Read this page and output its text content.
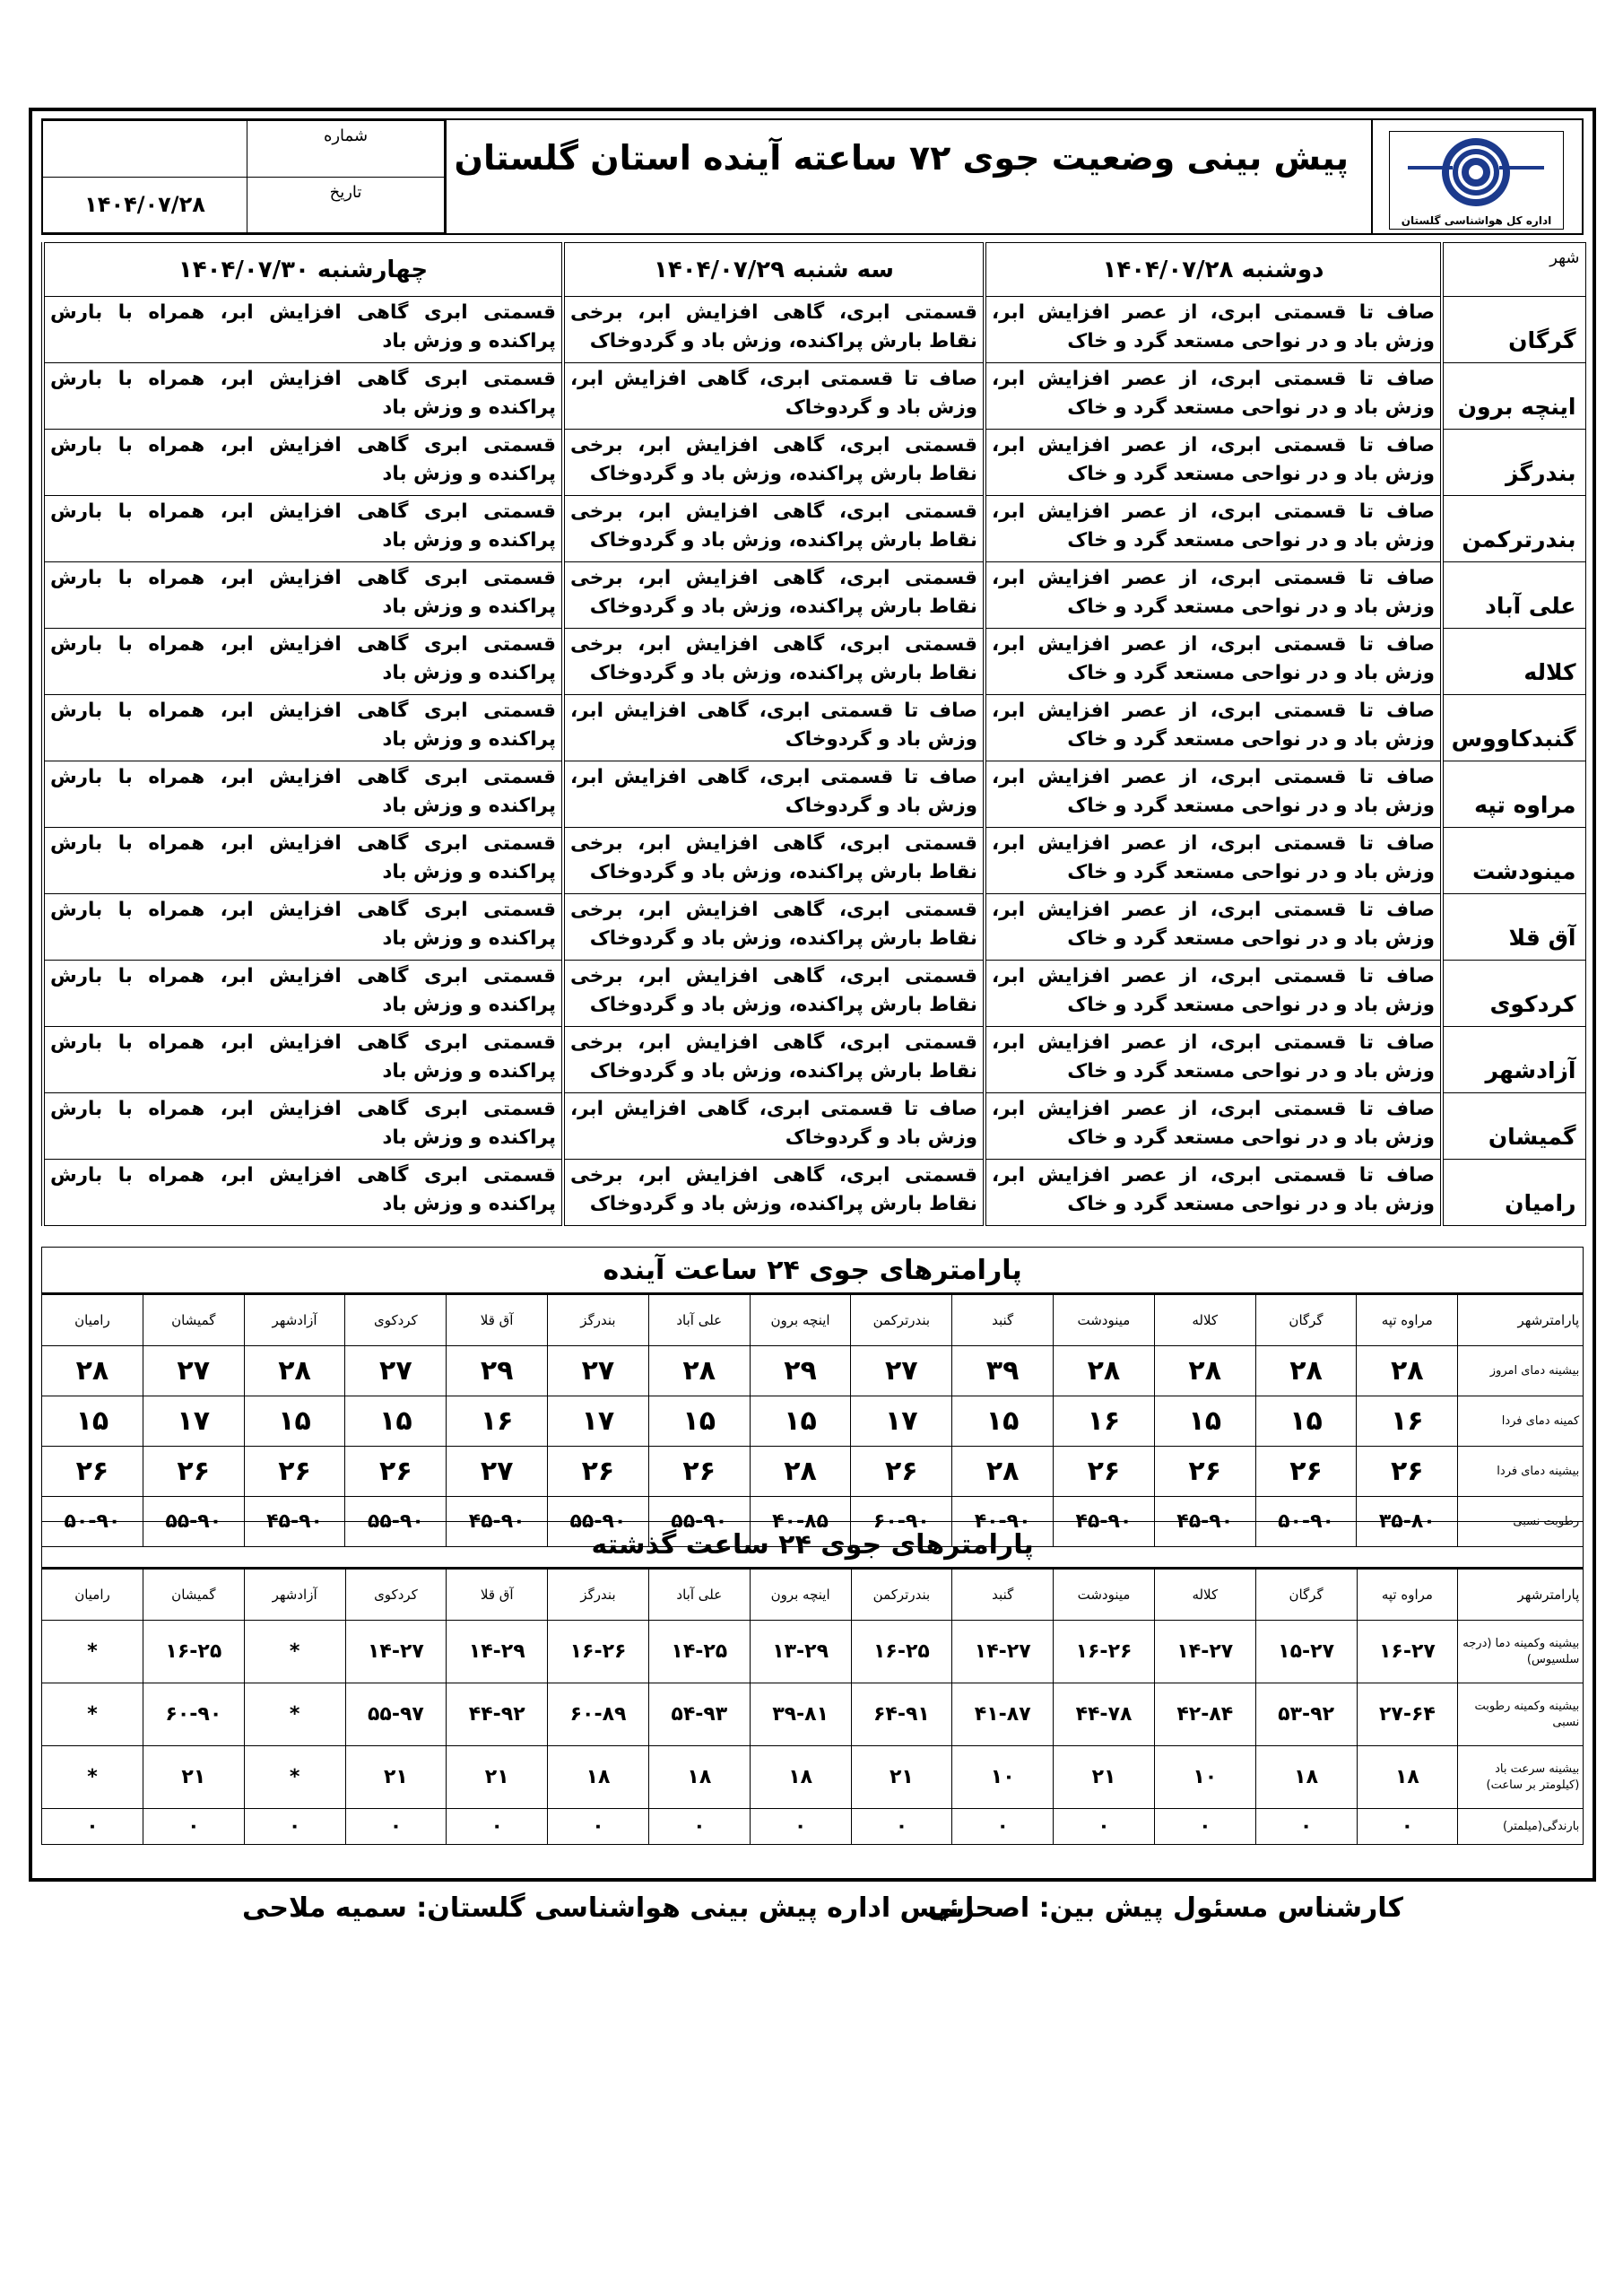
اداره کل هواشناسی گلستان
پیش بینی وضعیت جوی ۷۲ ساعته آینده استان گلستان
شماره	
تاریخ	۱۴۰۴/۰۷/۲۸
شهر	دوشنبه ۱۴۰۴/۰۷/۲۸	سه شنبه ۱۴۰۴/۰۷/۲۹	چهارشنبه ۱۴۰۴/۰۷/۳۰
گرگان	صاف تا قسمتی ابری، از عصر افزایش ابر، وزش باد و در نواحی مستعد گرد و خاک	قسمتی ابری، گاهی افزایش ابر، برخی نقاط بارش پراکنده، وزش باد و گردوخاک	قسمتی ابری گاهی افزایش ابر، همراه با بارش پراکنده و وزش باد
اینچه برون	صاف تا قسمتی ابری، از عصر افزایش ابر، وزش باد و در نواحی مستعد گرد و خاک	صاف تا قسمتی ابری، گاهی افزایش ابر، وزش باد و گردوخاک	قسمتی ابری گاهی افزایش ابر، همراه با بارش پراکنده و وزش باد
بندرگز	صاف تا قسمتی ابری، از عصر افزایش ابر، وزش باد و در نواحی مستعد گرد و خاک	قسمتی ابری، گاهی افزایش ابر، برخی نقاط بارش پراکنده، وزش باد و گردوخاک	قسمتی ابری گاهی افزایش ابر، همراه با بارش پراکنده و وزش باد
بندرترکمن	صاف تا قسمتی ابری، از عصر افزایش ابر، وزش باد و در نواحی مستعد گرد و خاک	قسمتی ابری، گاهی افزایش ابر، برخی نقاط بارش پراکنده، وزش باد و گردوخاک	قسمتی ابری گاهی افزایش ابر، همراه با بارش پراکنده و وزش باد
علی آباد	صاف تا قسمتی ابری، از عصر افزایش ابر، وزش باد و در نواحی مستعد گرد و خاک	قسمتی ابری، گاهی افزایش ابر، برخی نقاط بارش پراکنده، وزش باد و گردوخاک	قسمتی ابری گاهی افزایش ابر، همراه با بارش پراکنده و وزش باد
کلاله	صاف تا قسمتی ابری، از عصر افزایش ابر، وزش باد و در نواحی مستعد گرد و خاک	قسمتی ابری، گاهی افزایش ابر، برخی نقاط بارش پراکنده، وزش باد و گردوخاک	قسمتی ابری گاهی افزایش ابر، همراه با بارش پراکنده و وزش باد
گنبدکاووس	صاف تا قسمتی ابری، از عصر افزایش ابر، وزش باد و در نواحی مستعد گرد و خاک	صاف تا قسمتی ابری، گاهی افزایش ابر، وزش باد و گردوخاک	قسمتی ابری گاهی افزایش ابر، همراه با بارش پراکنده و وزش باد
مراوه تپه	صاف تا قسمتی ابری، از عصر افزایش ابر، وزش باد و در نواحی مستعد گرد و خاک	صاف تا قسمتی ابری، گاهی افزایش ابر، وزش باد و گردوخاک	قسمتی ابری گاهی افزایش ابر، همراه با بارش پراکنده و وزش باد
مینودشت	صاف تا قسمتی ابری، از عصر افزایش ابر، وزش باد و در نواحی مستعد گرد و خاک	قسمتی ابری، گاهی افزایش ابر، برخی نقاط بارش پراکنده، وزش باد و گردوخاک	قسمتی ابری گاهی افزایش ابر، همراه با بارش پراکنده و وزش باد
آق قلا	صاف تا قسمتی ابری، از عصر افزایش ابر، وزش باد و در نواحی مستعد گرد و خاک	قسمتی ابری، گاهی افزایش ابر، برخی نقاط بارش پراکنده، وزش باد و گردوخاک	قسمتی ابری گاهی افزایش ابر، همراه با بارش پراکنده و وزش باد
کردکوی	صاف تا قسمتی ابری، از عصر افزایش ابر، وزش باد و در نواحی مستعد گرد و خاک	قسمتی ابری، گاهی افزایش ابر، برخی نقاط بارش پراکنده، وزش باد و گردوخاک	قسمتی ابری گاهی افزایش ابر، همراه با بارش پراکنده و وزش باد
آزادشهر	صاف تا قسمتی ابری، از عصر افزایش ابر، وزش باد و در نواحی مستعد گرد و خاک	قسمتی ابری، گاهی افزایش ابر، برخی نقاط بارش پراکنده، وزش باد و گردوخاک	قسمتی ابری گاهی افزایش ابر، همراه با بارش پراکنده و وزش باد
گمیشان	صاف تا قسمتی ابری، از عصر افزایش ابر، وزش باد و در نواحی مستعد گرد و خاک	صاف تا قسمتی ابری، گاهی افزایش ابر، وزش باد و گردوخاک	قسمتی ابری گاهی افزایش ابر، همراه با بارش پراکنده و وزش باد
رامیان	صاف تا قسمتی ابری، از عصر افزایش ابر، وزش باد و در نواحی مستعد گرد و خاک	قسمتی ابری، گاهی افزایش ابر، برخی نقاط بارش پراکنده، وزش باد و گردوخاک	قسمتی ابری گاهی افزایش ابر، همراه با بارش پراکنده و وزش باد
پارامترهای جوی ۲۴ ساعت آینده														
پارامترشهر	مراوه تپه	گرگان	کلاله	مینودشت	گنبد	بندرترکمن	اینچه برون	علی آباد	بندرگز	آق قلا	کردکوی	آزادشهر	گمیشان	رامیان
بیشینه دمای امروز	۲۸	۲۸	۲۸	۲۸	۳۹	۲۷	۲۹	۲۸	۲۷	۲۹	۲۷	۲۸	۲۷	۲۸
کمینه دمای فردا	۱۶	۱۵	۱۵	۱۶	۱۵	۱۷	۱۵	۱۵	۱۷	۱۶	۱۵	۱۵	۱۷	۱۵
بیشینه دمای فردا	۲۶	۲۶	۲۶	۲۶	۲۸	۲۶	۲۸	۲۶	۲۶	۲۷	۲۶	۲۶	۲۶	۲۶
رطوبت نسبی	۳۵-۸۰	۵۰-۹۰	۴۵-۹۰	۴۵-۹۰	۴۰-۹۰	۶۰-۹۰	۴۰-۸۵	۵۵-۹۰	۵۵-۹۰	۴۵-۹۰	۵۵-۹۰	۴۵-۹۰	۵۵-۹۰	۵۰-۹۰
پارامترهای جوی ۲۴ ساعت گذشته														
پارامترشهر	مراوه تپه	گرگان	کلاله	مینودشت	گنبد	بندرترکمن	اینچه برون	علی آباد	بندرگز	آق قلا	کردکوی	آزادشهر	گمیشان	رامیان
بیشینه وکمینه دما (درجه سلسیوس)	۱۶-۲۷	۱۵-۲۷	۱۴-۲۷	۱۶-۲۶	۱۴-۲۷	۱۶-۲۵	۱۳-۲۹	۱۴-۲۵	۱۶-۲۶	۱۴-۲۹	۱۴-۲۷	*	۱۶-۲۵	*
بیشینه وکمینه رطوبت نسبی	۲۷-۶۴	۵۳-۹۲	۴۲-۸۴	۴۴-۷۸	۴۱-۸۷	۶۴-۹۱	۳۹-۸۱	۵۴-۹۳	۶۰-۸۹	۴۴-۹۲	۵۵-۹۷	*	۶۰-۹۰	*
بیشینه سرعت باد (کیلومتر بر ساعت)	۱۸	۱۸	۱۰	۲۱	۱۰	۲۱	۱۸	۱۸	۱۸	۲۱	۲۱	*	۲۱	*
بارندگی(میلمتر)	۰	۰	۰	۰	۰	۰	۰	۰	۰	۰	۰	۰	۰	۰
کارشناس مسئول پیش بین: اصحابی
رئیس اداره پیش بینی هواشناسی گلستان: سمیه ملاحی
